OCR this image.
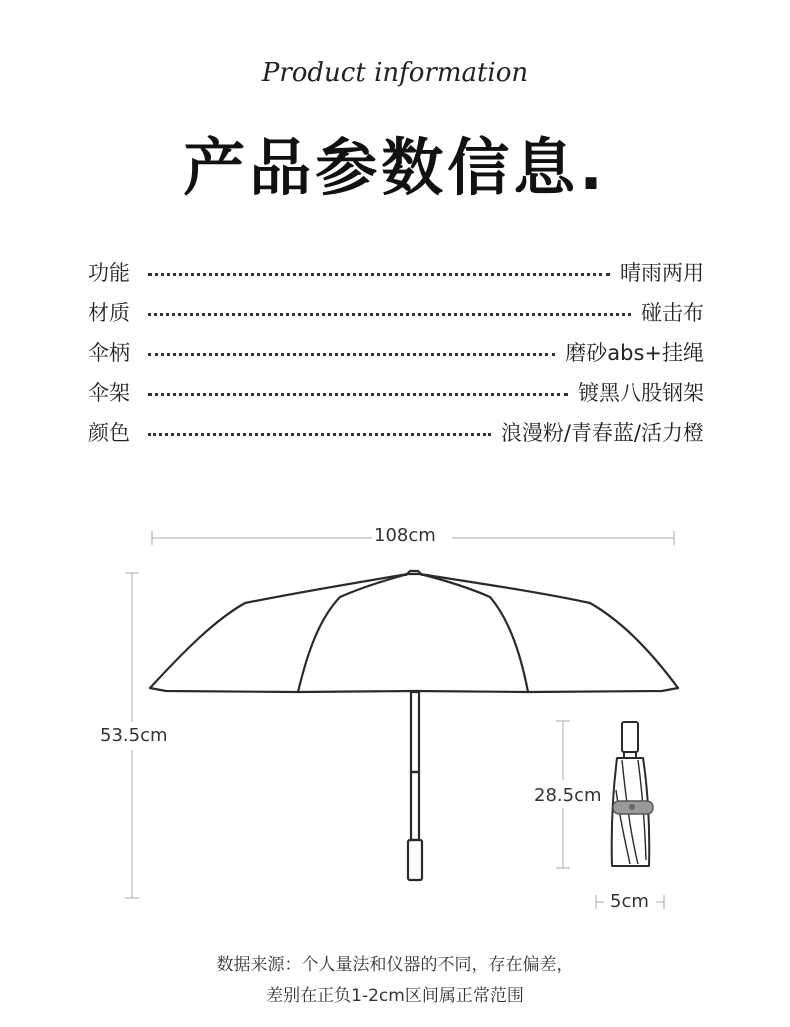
Product information
产品参数信息.
功能	晴雨两用
材质	碰击布
伞柄	磨砂abs+挂绳
伞架	镀黑八股钢架
颜色	浪漫粉/青春蓝/活力橙
108cm
53.5cm
28.5cm
5cm
数据来源：个人量法和仪器的不同，存在偏差，
差别在正负1-2cm区间属正常范围
